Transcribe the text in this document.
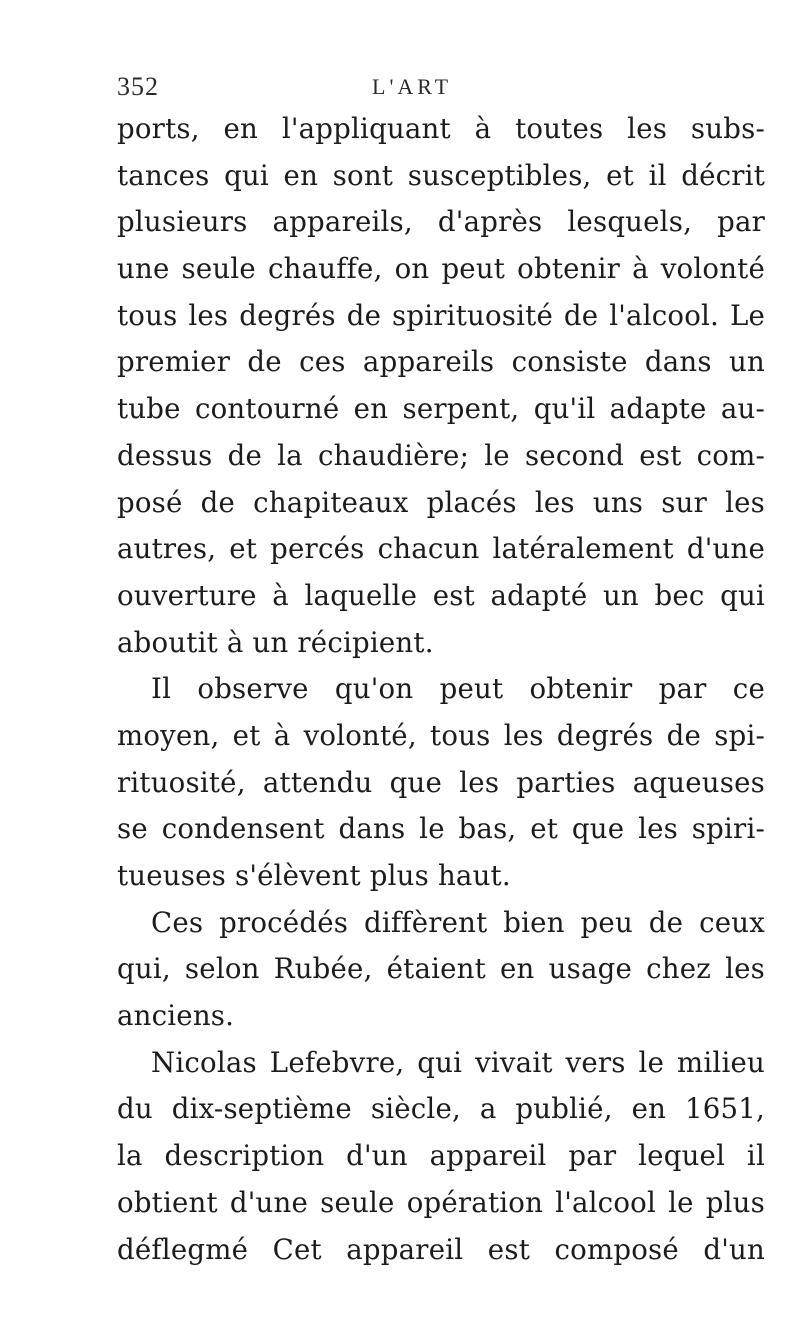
352	L'ART
ports, en l'appliquant à toutes les subs-
tances qui en sont susceptibles, et il décrit
plusieurs appareils, d'après lesquels, par
une seule chauffe, on peut obtenir à volonté
tous les degrés de spirituosité de l'alcool. Le
premier de ces appareils consiste dans un
tube contourné en serpent, qu'il adapte au-
dessus de la chaudière; le second est com-
posé de chapiteaux placés les uns sur les
autres, et percés chacun latéralement d'une
ouverture à laquelle est adapté un bec qui
aboutit à un récipient.
Il observe qu'on peut obtenir par ce
moyen, et à volonté, tous les degrés de spi-
rituosité, attendu que les parties aqueuses
se condensent dans le bas, et que les spiri-
tueuses s'élèvent plus haut.
Ces procédés diffèrent bien peu de ceux
qui, selon Rubée, étaient en usage chez les
anciens.
Nicolas Lefebvre, qui vivait vers le milieu
du dix-septième siècle, a publié, en 1651,
la description d'un appareil par lequel il
obtient d'une seule opération l'alcool le plus
déflegmé Cet appareil est composé d'un
